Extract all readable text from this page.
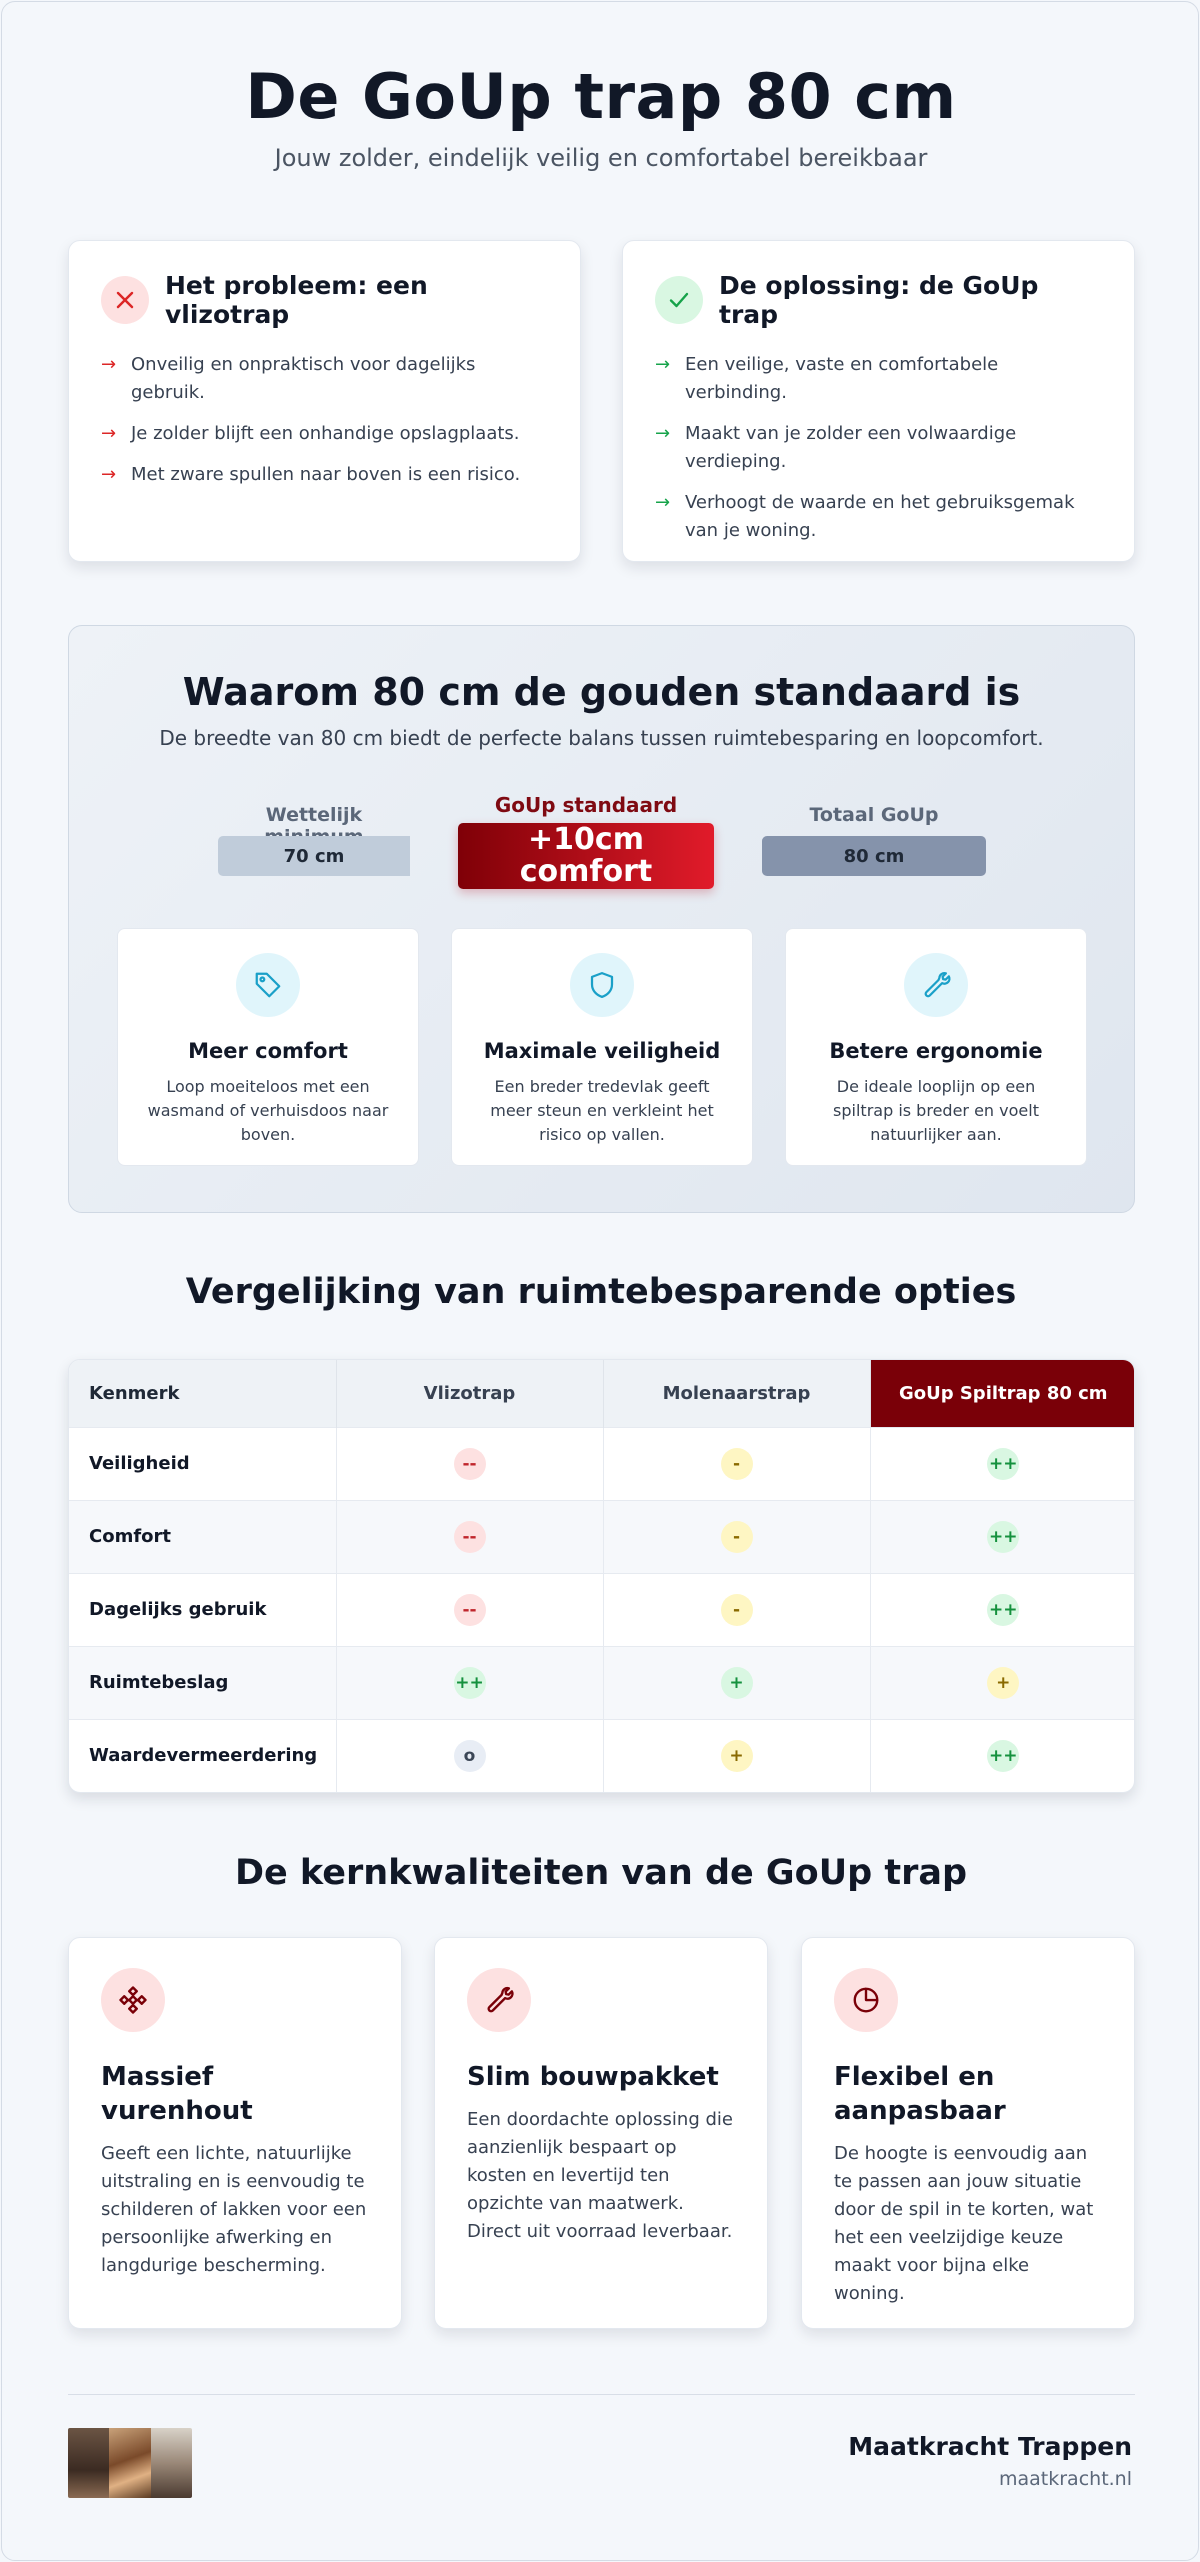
De GoUp trap 80 cm

Jouw zolder, eindelijk veilig en comfortabel bereikbaar

Het probleem: een vlizotrap
→ Onveilig en onpraktisch voor dagelijks gebruik.
→ Je zolder blijft een onhandige opslagplaats.
→ Met zware spullen naar boven is een risico.
De oplossing: de GoUp trap
→ Een veilige, vaste en comfortabele verbinding.
→ Maakt van je zolder een volwaardige verdieping.
→ Verhoogt de waarde en het gebruiksgemak van je woning.
Waarom 80 cm de gouden standaard is

De breedte van 80 cm biedt de perfecte balans tussen ruimtebesparing en loopcomfort.

Wettelijk
70 cm
GoUp standaard
+10cm
comfort
Totaal GoUp
80 cm
Meer comfort
Loop moeiteloos met een wasmand of verhuisdoos naar boven.
Maximale veiligheid
Een breder tredevlak geeft meer steun en verkleint het risico op vallen.
Betere ergonomie
De ideale looplijn op een spiltrap is breder en voelt natuurlijker aan.
Vergelijking van ruimtebesparende opties
Kenmerk	Vlizotrap	Molenaarstrap	GoUp Spiltrap 80 cm
Veiligheid	--	-	++
Comfort	--	-	++
Dagelijks gebruik	--	-	++
Ruimtebeslag	++	+	+
Waardevermeerdering	o	+	++
De kernkwaliteiten van de GoUp trap
Massief vurenhout
Geeft een lichte, natuurlijke uitstraling en is eenvoudig te schilderen of lakken voor een persoonlijke afwerking en langdurige bescherming.
Slim bouwpakket
Een doordachte oplossing die aanzienlijk bespaart op kosten en levertijd ten opzichte van maatwerk. Direct uit voorraad leverbaar.
Flexibel en aanpasbaar
De hoogte is eenvoudig aan te passen aan jouw situatie door de spil in te korten, wat het een veelzijdige keuze maakt voor bijna elke woning.
Maatkracht Trappen
maatkracht.nl
